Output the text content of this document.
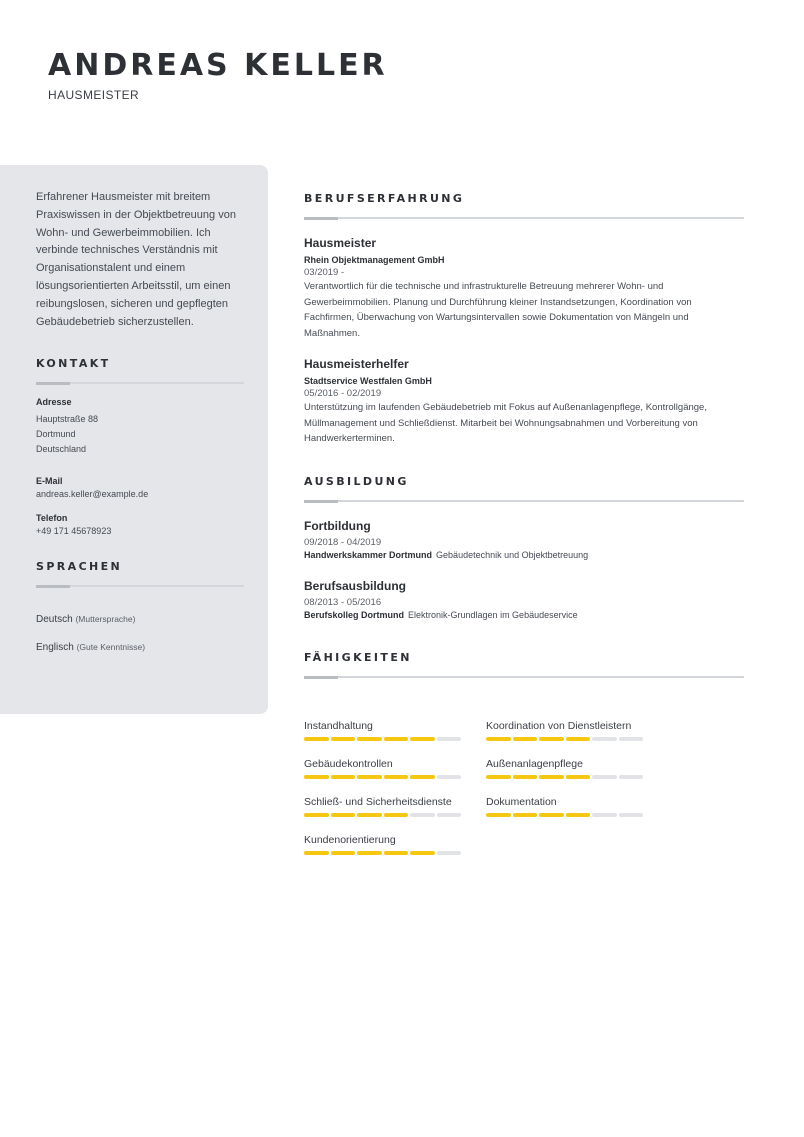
ANDREAS KELLER
HAUSMEISTER
Erfahrener Hausmeister mit breitem Praxiswissen in der Objektbetreuung von Wohn- und Gewerbeimmobilien. Ich verbinde technisches Verständnis mit Organisationstalent und einem lösungsorientierten Arbeitsstil, um einen reibungslosen, sicheren und gepflegten Gebäudebetrieb sicherzustellen.
KONTAKT
Adresse
Hauptstraße 88
Dortmund
Deutschland
E-Mail
andreas.keller@example.de
Telefon
+49 171 45678923
SPRACHEN
Deutsch (Muttersprache)
Englisch (Gute Kenntnisse)
BERUFSERFAHRUNG
Hausmeister
Rhein Objektmanagement GmbH
03/2019 -
Verantwortlich für die technische und infrastrukturelle Betreuung mehrerer Wohn- und Gewerbeimmobilien. Planung und Durchführung kleiner Instandsetzungen, Koordination von Fachfirmen, Überwachung von Wartungsintervallen sowie Dokumentation von Mängeln und Maßnahmen.
Hausmeisterhelfer
Stadtservice Westfalen GmbH
05/2016 - 02/2019
Unterstützung im laufenden Gebäudebetrieb mit Fokus auf Außenanlagenpflege, Kontrollgänge, Müllmanagement und Schließdienst. Mitarbeit bei Wohnungsabnahmen und Vorbereitung von Handwerkerterminen.
AUSBILDUNG
Fortbildung
09/2018 - 04/2019
Handwerkskammer Dortmund Gebäudetechnik und Objektbetreuung
Berufsausbildung
08/2013 - 05/2016
Berufskolleg Dortmund Elektronik-Grundlagen im Gebäudeservice
FÄHIGKEITEN
Instandhaltung	Koordination von Dienstleistern
Gebäudekontrollen	Außenanlagenpflege
Schließ- und Sicherheitsdienste	Dokumentation
Kundenorientierung
